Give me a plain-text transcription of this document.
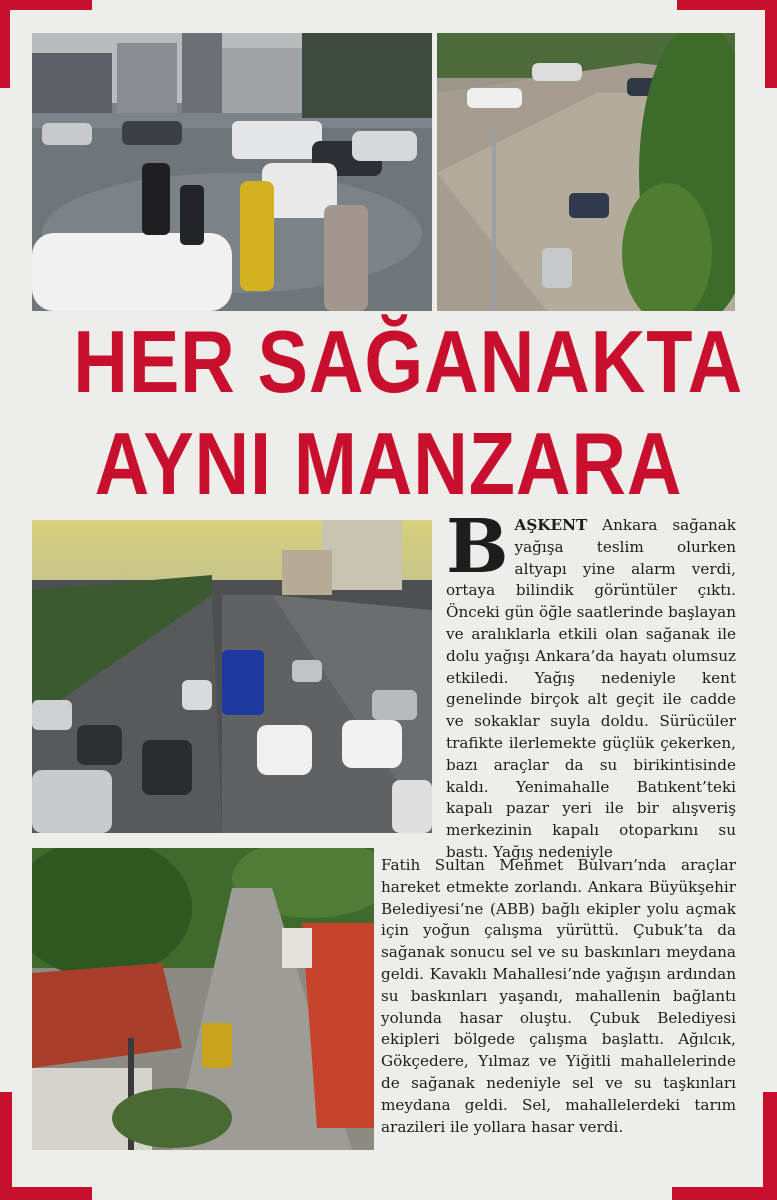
HER SAĞANAKTA
AYNI MANZARA

BAŞKENT Ankara sağanak yağışa teslim olurken altyapı yine alarm verdi, ortaya bilindik görüntüler çıktı. Önceki gün öğle saatlerinde başlayan ve aralıklarla etkili olan sağanak ile dolu yağışı Ankara’da hayatı olumsuz etkiledi. Yağış nedeniyle kent genelinde birçok alt geçit ile cadde ve sokaklar suyla doldu. Sürücüler trafikte ilerlemekte güçlük çekerken, bazı araçlar da su birikintisinde kaldı. Yenimahalle Batıkent’teki kapalı pazar yeri ile bir alışveriş merkezinin kapalı otoparkını su bastı. Yağış nedeniyle

Fatih Sultan Mehmet Bulvarı’nda araçlar hareket etmekte zorlandı. Ankara Büyükşehir Belediyesi’ne (ABB) bağlı ekipler yolu açmak için yoğun çalışma yürüttü. Çubuk’ta da sağanak sonucu sel ve su baskınları meydana geldi. Kavaklı Mahallesi’nde yağışın ardından su baskınları yaşandı, mahallenin bağlantı yolunda hasar oluştu. Çubuk Belediyesi ekipleri bölgede çalışma başlattı. Ağılcık, Gökçedere, Yılmaz ve Yiğitli mahallelerinde de sağanak nedeniyle sel ve su taşkınları meydana geldi. Sel, mahallelerdeki tarım arazileri ile yollara hasar verdi.
